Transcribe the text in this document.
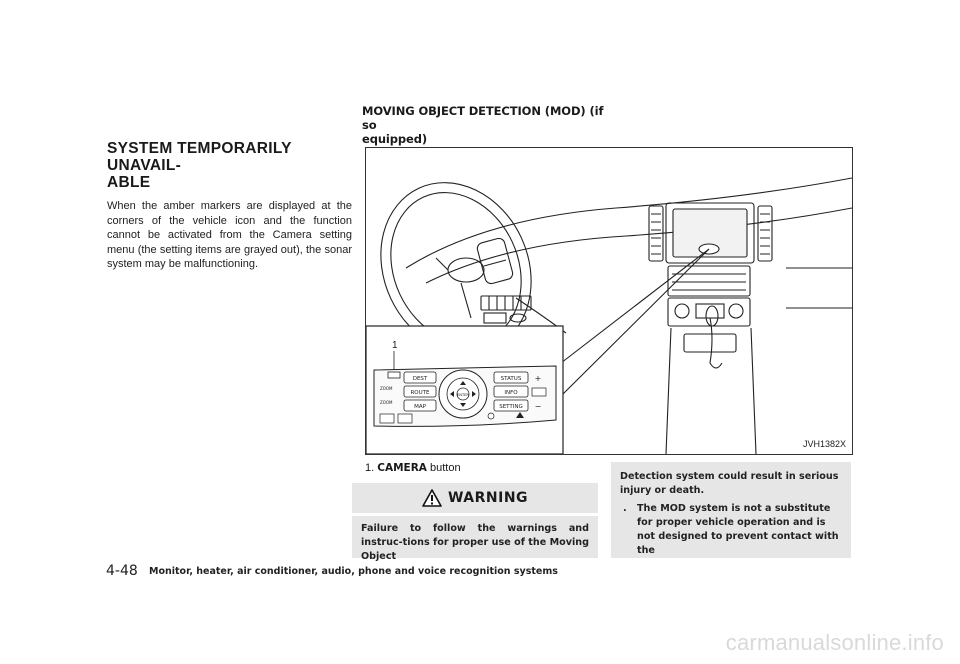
SYSTEM TEMPORARILY UNAVAIL-
ABLE

When the amber markers are displayed at the corners of the vehicle icon and the function cannot be activated from the Camera setting menu (the setting items are grayed out), the sonar system may be malfunctioning.

MOVING OBJECT DETECTION (MOD) (if so
equipped)
1
DEST
ROUTE
MAP
ZOOM
ZOOM
ENTER
STATUS
INFO
SETTING
+
−
JVH1382X
1. CAMERA button
WARNING

Failure to follow the warnings and instruc-tions for proper use of the Moving Object

Detection system could result in serious injury or death.

. The MOD system is not a substitute for proper vehicle operation and is not designed to prevent contact with the

4-48 Monitor, heater, air conditioner, audio, phone and voice recognition systems
carmanualsonline.info
